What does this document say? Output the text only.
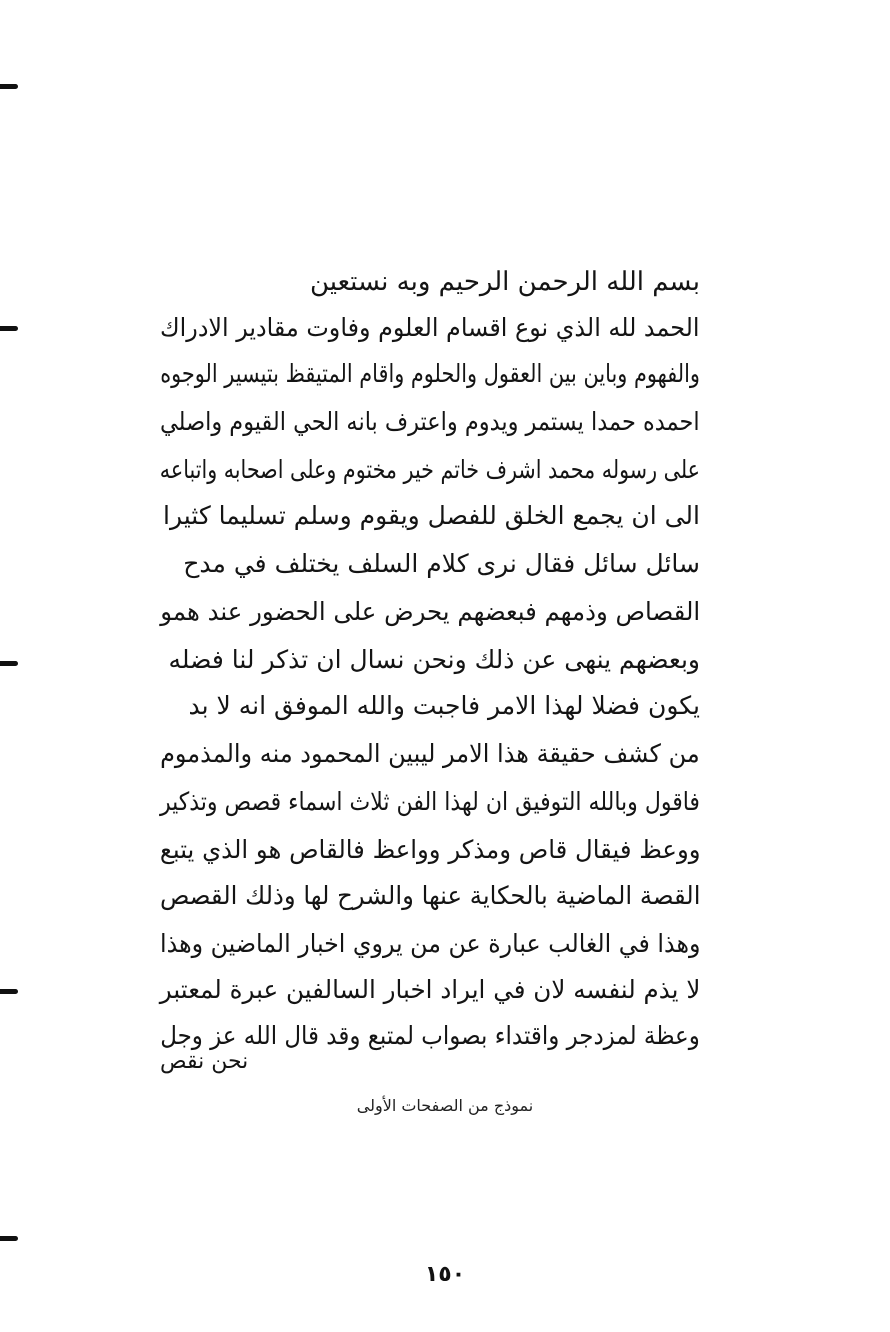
بسم الله الرحمن الرحيم وبه نستعين
الحمد لله الذي نوع اقسام العلوم وفاوت مقادير الادراك
والفهوم وباين بين العقول والحلوم واقام المتيقظ بتيسير الوجوه
احمده حمدا يستمر ويدوم واعترف بانه الحي القيوم واصلي
على رسوله محمد اشرف خاتم خير مختوم وعلى اصحابه واتباعه
الى ان يجمع الخلق للفصل ويقوم وسلم تسليما كثيرا
سائل سائل فقال نرى كلام السلف يختلف في مدح
القصاص وذمهم فبعضهم يحرض على الحضور عند همو
وبعضهم ينهى عن ذلك ونحن نسال ان تذكر لنا فضله
يكون فضلا لهذا الامر فاجبت والله الموفق انه لا بد
من كشف حقيقة هذا الامر ليبين المحمود منه والمذموم
فاقول وبالله التوفيق ان لهذا الفن ثلاث اسماء قصص وتذكير
ووعظ فيقال قاص ومذكر وواعظ فالقاص هو الذي يتبع
القصة الماضية بالحكاية عنها والشرح لها وذلك القصص
وهذا في الغالب عبارة عن من يروي اخبار الماضين وهذا
لا يذم لنفسه لان في ايراد اخبار السالفين عبرة لمعتبر
وعظة لمزدجر واقتداء بصواب لمتبع وقد قال الله عز وجل
نحن نقص
نموذج من الصفحات الأولى
١٥٠
